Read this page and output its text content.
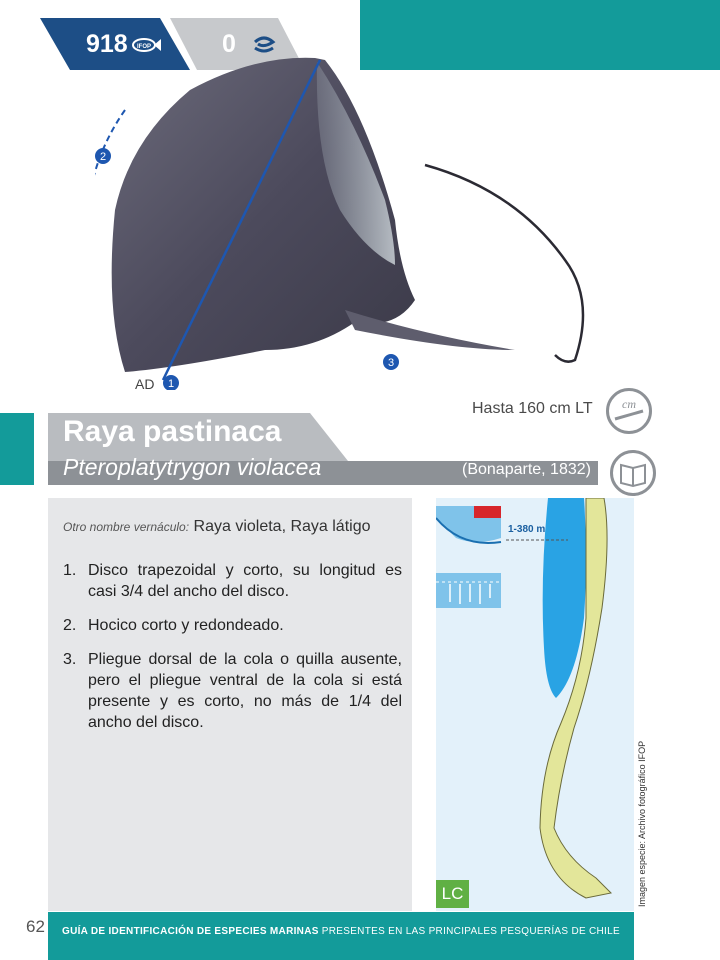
918 IFOP	0
1
2
3
AD
Hasta 160 cm LT cm
Raya pastinaca
Pteroplatytrygon violacea	(Bonaparte, 1832)
Otro nombre vernáculo: Raya violeta, Raya látigo
1. Disco trapezoidal y corto, su longitud es casi 3/4 del ancho del disco.
2. Hocico corto y redondeado.
3. Pliegue dorsal de la cola o quilla ausente, pero el pliegue ventral de la cola si está presente y es corto, no más de 1/4 del ancho del disco.
1-380 m
LC	Imagen especie: Archivo fotográfico IFOP
GUÍA DE IDENTIFICACIÓN DE ESPECIES MARINAS PRESENTES EN LAS PRINCIPALES PESQUERÍAS DE CHILE
62
